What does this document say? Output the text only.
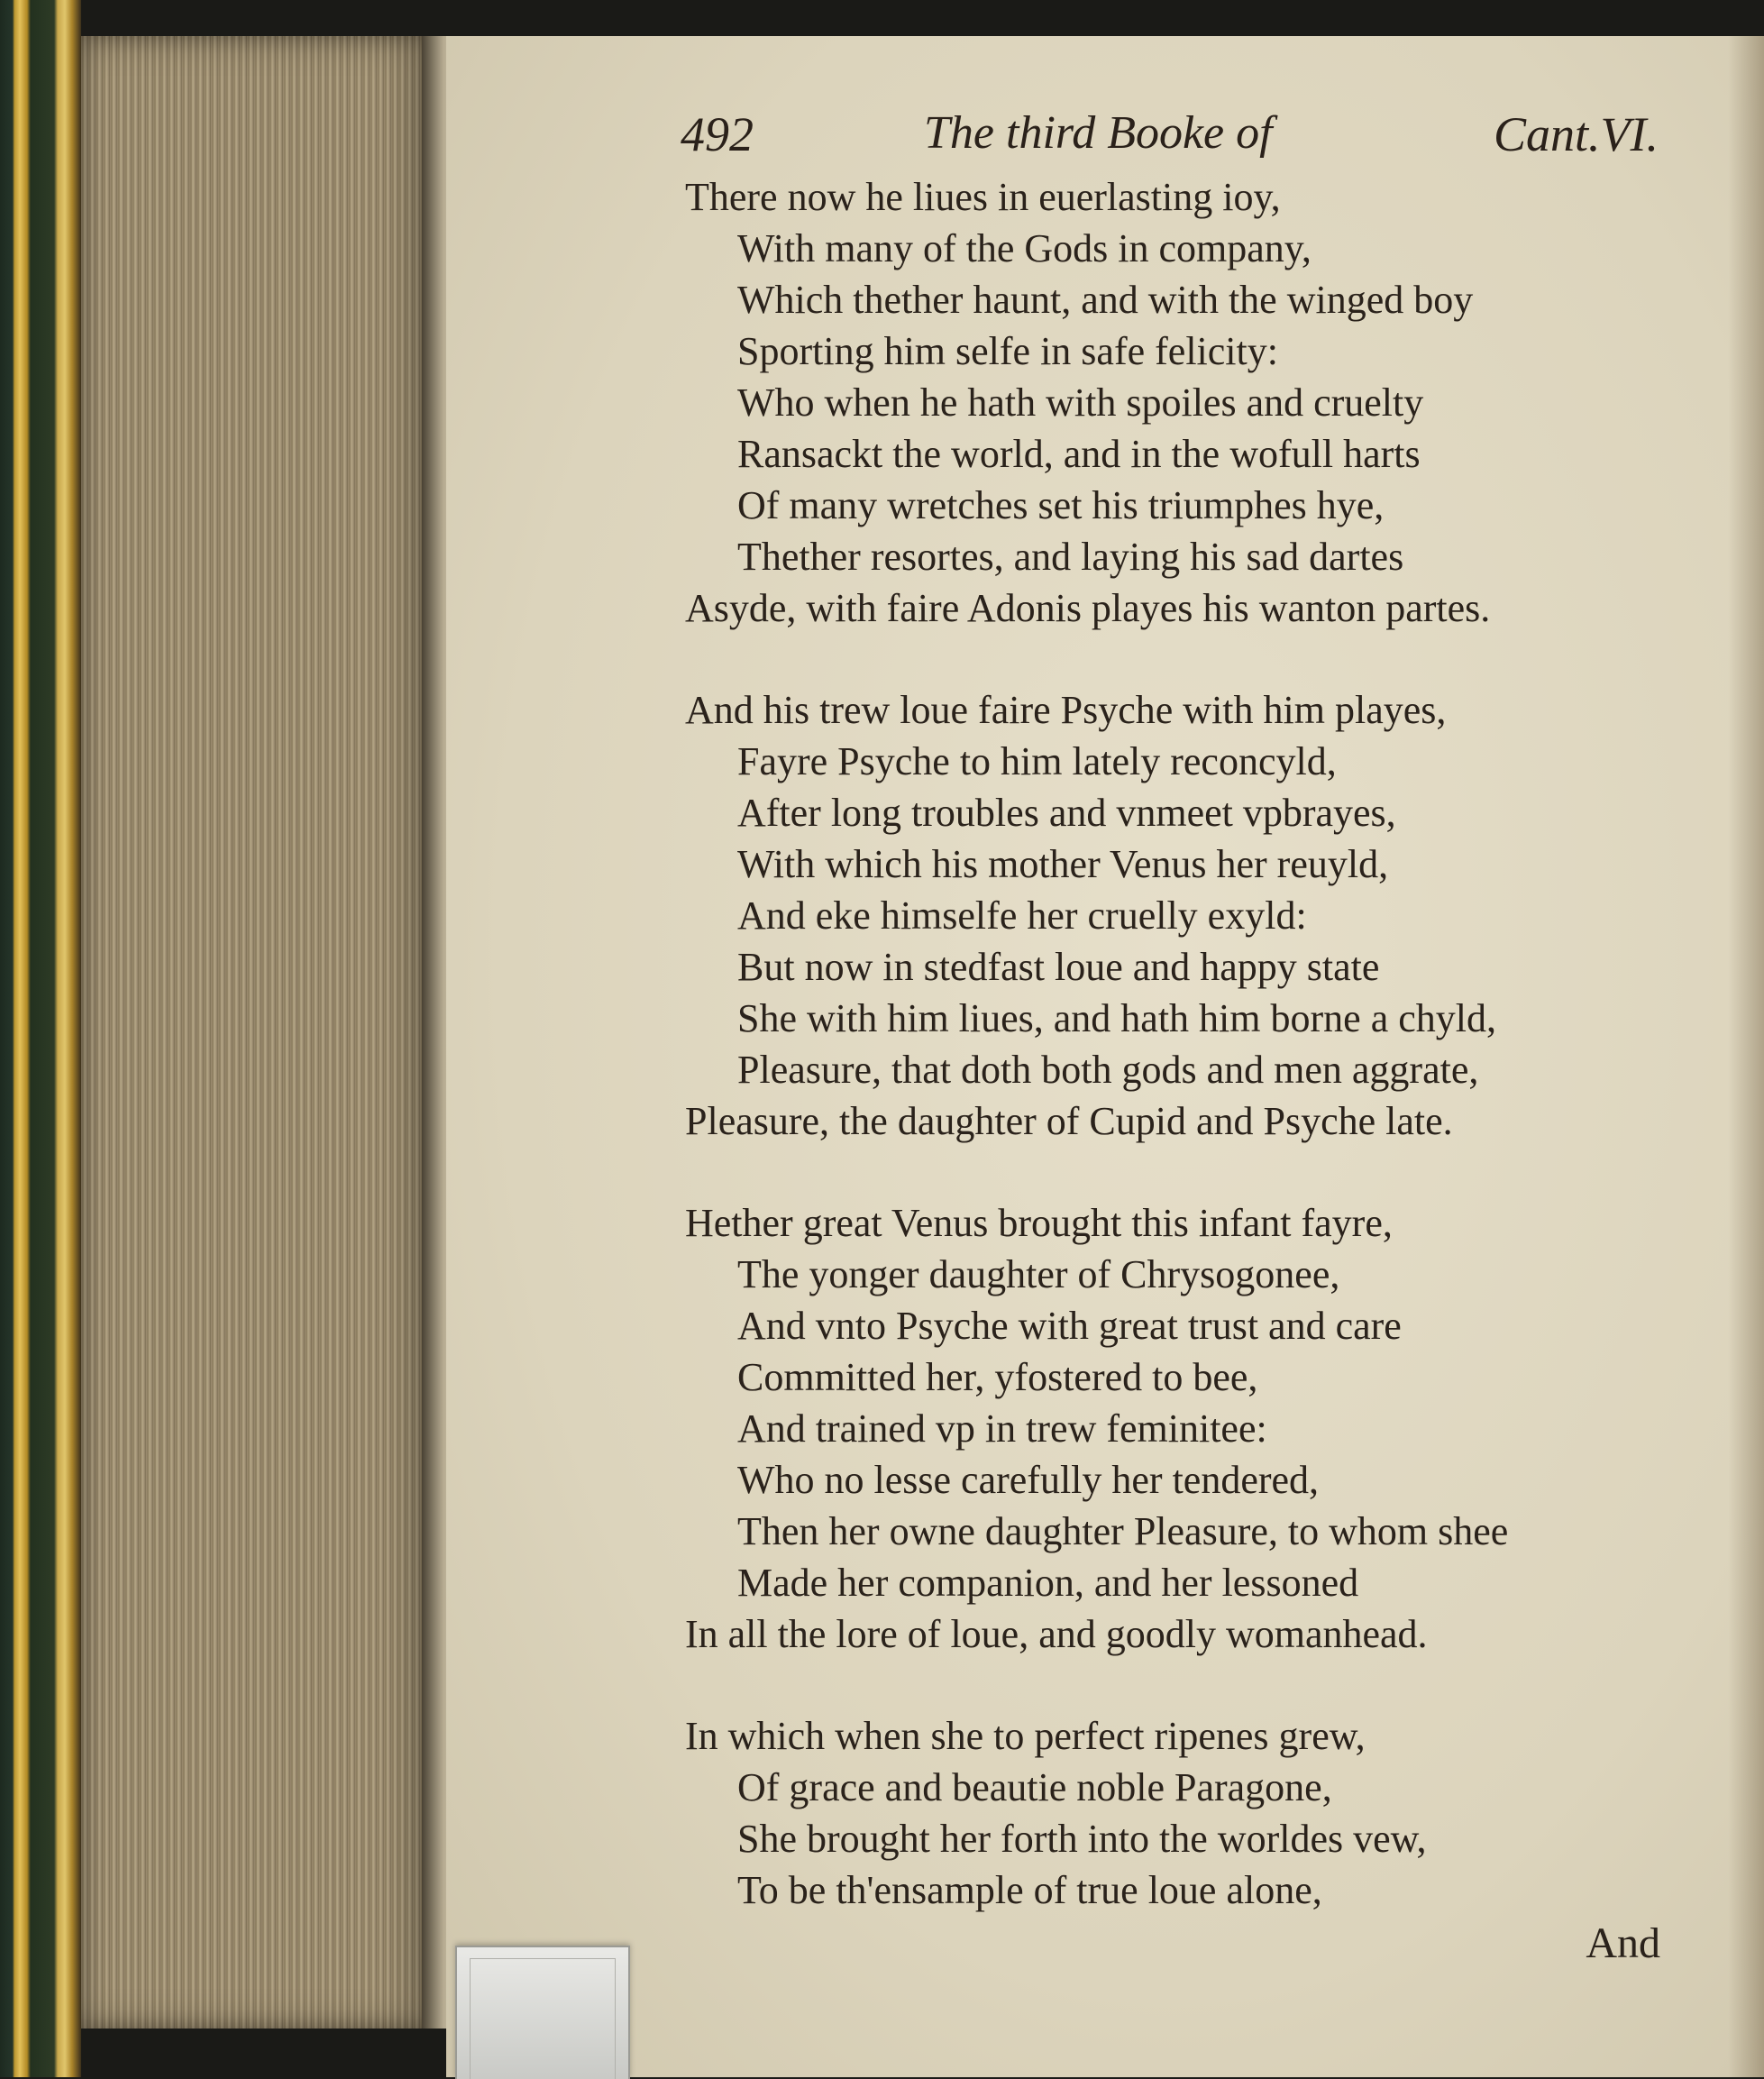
492	The third Booke of	Cant.VI.
There now he liues in euerlasting ioy,
With many of the Gods in company,
Which thether haunt, and with the winged boy
Sporting him selfe in safe felicity:
Who when he hath with spoiles and cruelty
Ransackt the world, and in the wofull harts
Of many wretches set his triumphes hye,
Thether resortes, and laying his sad dartes
Asyde, with faire Adonis playes his wanton partes.
And his trew loue faire Psyche with him playes,
Fayre Psyche to him lately reconcyld,
After long troubles and vnmeet vpbrayes,
With which his mother Venus her reuyld,
And eke himselfe her cruelly exyld:
But now in stedfast loue and happy state
She with him liues, and hath him borne a chyld,
Pleasure, that doth both gods and men aggrate,
Pleasure, the daughter of Cupid and Psyche late.
Hether great Venus brought this infant fayre,
The yonger daughter of Chrysogonee,
And vnto Psyche with great trust and care
Committed her, yfostered to bee,
And trained vp in trew feminitee:
Who no lesse carefully her tendered,
Then her owne daughter Pleasure, to whom shee
Made her companion, and her lessoned
In all the lore of loue, and goodly womanhead.
In which when she to perfect ripenes grew,
Of grace and beautie noble Paragone,
She brought her forth into the worldes vew,
To be th'ensample of true loue alone,
And
